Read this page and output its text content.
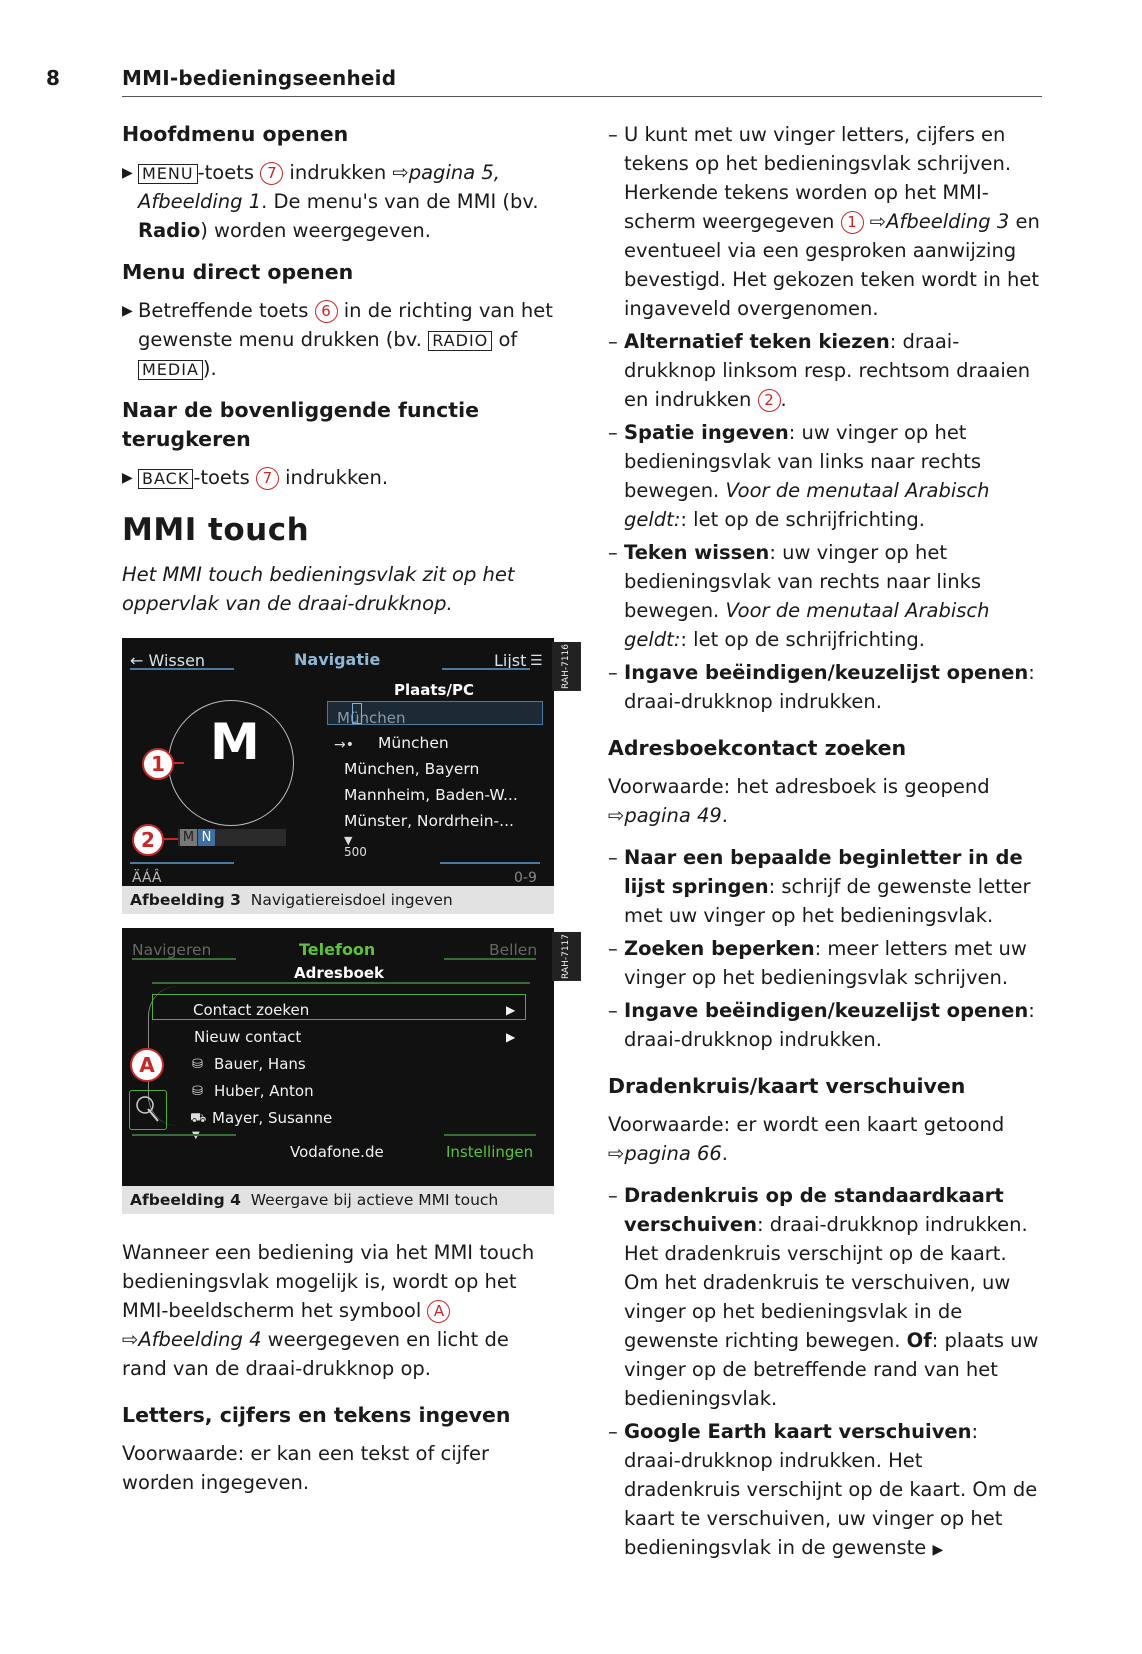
8	MMI-bedieningseenheid
Hoofdmenu openen
▶ MENU -toets 7 indrukken ⇨pagina 5, Afbeelding 1. De menu's van de MMI (bv. Radio) worden weergegeven.
Menu direct openen
▶ Betreffende toets 6 in de richting van het gewenste menu drukken (bv. RADIO of MEDIA ).
Naar de bovenliggende functie terugkeren
▶ BACK -toets 7 indrukken.
MMI touch
Het MMI touch bedieningsvlak zit op het oppervlak van de draai-drukknop.
← Wissen	Navigatie	Lijst ☰	RAH-7116
Plaats/PC
München
M
1
2	M N
→• München
München, Bayern
Mannheim, Baden-W...
Münster, Nordrhein-...
▼
500
ÄÁÂ	0-9
Afbeelding 3 Navigatiereisdoel ingeven
Navigeren	Telefoon	Bellen	RAH-7117
Adresboek
Contact zoeken	▶
Nieuw contact	▶
⛁ Bauer, Hans
⛁ Huber, Anton
⛟ Mayer, Susanne
▼
A
Vodafone.de	Instellingen
Afbeelding 4 Weergave bij actieve MMI touch
Wanneer een bediening via het MMI touch bedieningsvlak mogelijk is, wordt op het MMI-beeldscherm het symbool A ⇨Afbeelding 4 weergegeven en licht de rand van de draai-drukknop op.
Letters, cijfers en tekens ingeven
Voorwaarde: er kan een tekst of cijfer worden ingegeven.
– U kunt met uw vinger letters, cijfers en tekens op het bedieningsvlak schrijven. Herkende tekens worden op het MMI-scherm weergegeven 1 ⇨Afbeelding 3 en eventueel via een gesproken aanwijzing bevestigd. Het gekozen teken wordt in het ingaveveld overgenomen.
– Alternatief teken kiezen: draai-drukknop linksom resp. rechtsom draaien en indrukken 2 .
– Spatie ingeven: uw vinger op het bedieningsvlak van links naar rechts bewegen. Voor de menutaal Arabisch geldt:: let op de schrijfrichting.
– Teken wissen: uw vinger op het bedieningsvlak van rechts naar links bewegen. Voor de menutaal Arabisch geldt:: let op de schrijfrichting.
– Ingave beëindigen/keuzelijst openen: draai-drukknop indrukken.
Adresboekcontact zoeken
Voorwaarde: het adresboek is geopend ⇨pagina 49.
– Naar een bepaalde beginletter in de lijst springen: schrijf de gewenste letter met uw vinger op het bedieningsvlak.
– Zoeken beperken: meer letters met uw vinger op het bedieningsvlak schrijven.
– Ingave beëindigen/keuzelijst openen: draai-drukknop indrukken.
Dradenkruis/kaart verschuiven
Voorwaarde: er wordt een kaart getoond ⇨pagina 66.
– Dradenkruis op de standaardkaart verschuiven: draai-drukknop indrukken. Het dradenkruis verschijnt op de kaart. Om het dradenkruis te verschuiven, uw vinger op het bedieningsvlak in de gewenste richting bewegen. Of: plaats uw vinger op de betreffende rand van het bedieningsvlak.
– Google Earth kaart verschuiven: draai-drukknop indrukken. Het dradenkruis verschijnt op de kaart. Om de kaart te verschuiven, uw vinger op het bedieningsvlak in de gewenste ▶
